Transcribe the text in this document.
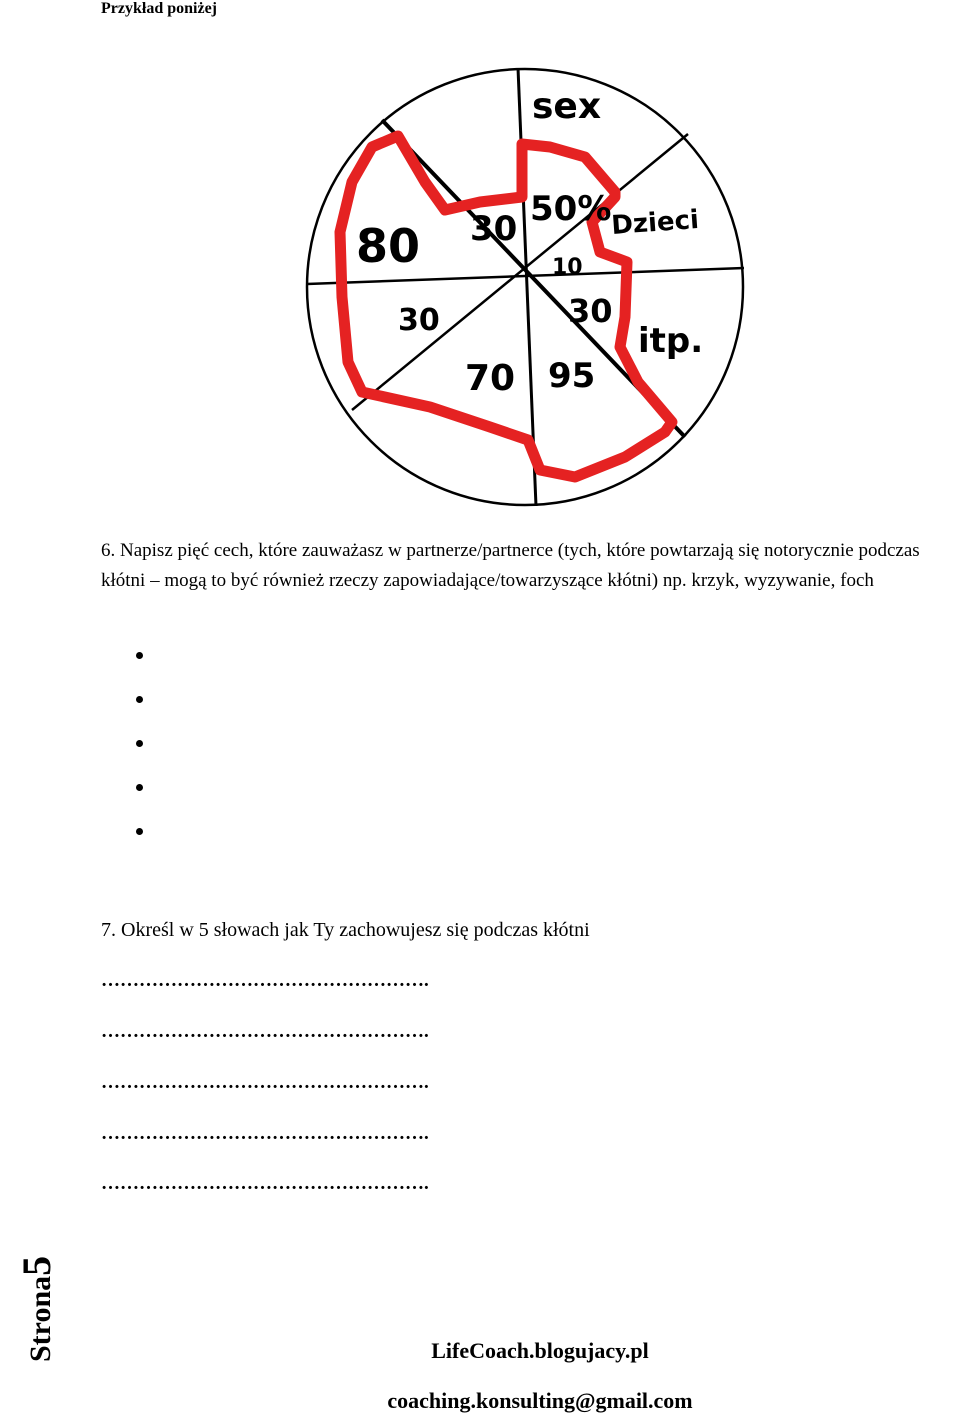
Przykład poniżej
sex
Dzieci
itp.
80 30 50%
10
30
30
70 95
6. Napisz pięć cech, które zauważasz w partnerze/partnerce (tych, które powtarzają się notorycznie podczas kłótni – mogą to być również rzeczy zapowiadające/towarzyszące kłótni) np. krzyk, wyzywanie, foch
7. Określ w 5 słowach jak Ty zachowujesz się podczas kłótni
…………………………………………….
…………………………………………….
…………………………………………….
…………………………………………….
…………………………………………….
Strona5
LifeCoach.blogujacy.pl
coaching.konsulting@gmail.com
